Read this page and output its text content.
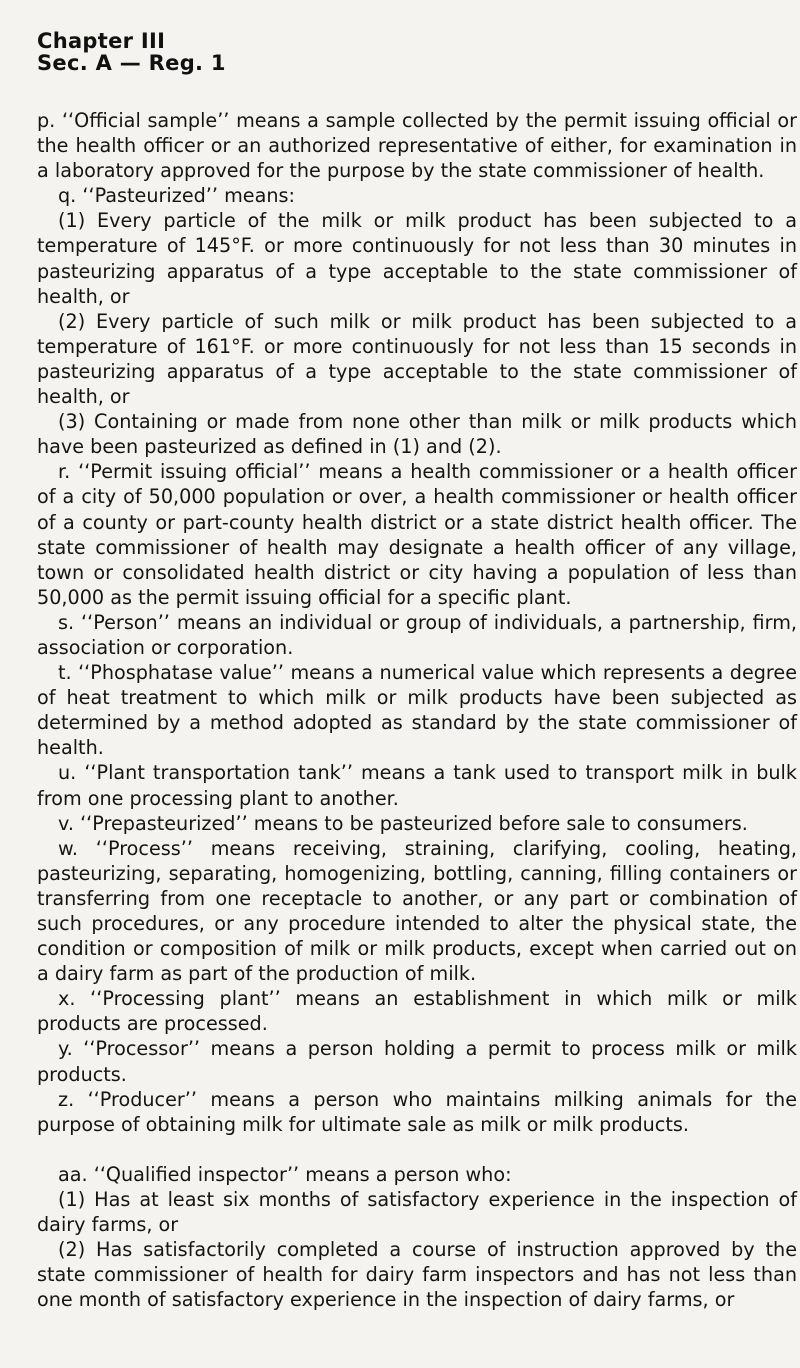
Chapter III
Sec. A — Reg. 1

p. ‘‘Official sample’’ means a sample collected by the permit issuing official or the health officer or an authorized representative of either, for examination in a laboratory approved for the purpose by the state commissioner of health.

q. ‘‘Pasteurized’’ means:

(1) Every particle of the milk or milk product has been subjected to a temperature of 145°F. or more continuously for not less than 30 minutes in pasteurizing apparatus of a type acceptable to the state commissioner of health, or

(2) Every particle of such milk or milk product has been subjected to a temperature of 161°F. or more continuously for not less than 15 seconds in pasteurizing apparatus of a type acceptable to the state commissioner of health, or

(3) Containing or made from none other than milk or milk products which have been pasteurized as defined in (1) and (2).

r. ‘‘Permit issuing official’’ means a health commissioner or a health officer of a city of 50,000 population or over, a health commissioner or health officer of a county or part-county health district or a state district health officer. The state commissioner of health may designate a health officer of any village, town or consolidated health district or city having a population of less than 50,000 as the permit issuing official for a specific plant.

s. ‘‘Person’’ means an individual or group of individuals, a partnership, firm, association or corporation.

t. ‘‘Phosphatase value’’ means a numerical value which represents a degree of heat treatment to which milk or milk products have been subjected as determined by a method adopted as standard by the state commissioner of health.

u. ‘‘Plant transportation tank’’ means a tank used to transport milk in bulk from one processing plant to another.

v. ‘‘Prepasteurized’’ means to be pasteurized before sale to consumers.

w. ‘‘Process’’ means receiving, straining, clarifying, cooling, heating, pasteurizing, separating, homogenizing, bottling, canning, filling containers or transferring from one receptacle to another, or any part or combination of such procedures, or any procedure intended to alter the physical state, the condition or composition of milk or milk products, except when carried out on a dairy farm as part of the production of milk.

x. ‘‘Processing plant’’ means an establishment in which milk or milk products are processed.

y. ‘‘Processor’’ means a person holding a permit to process milk or milk products.

z. ‘‘Producer’’ means a person who maintains milking animals for the purpose of obtaining milk for ultimate sale as milk or milk products.

aa. ‘‘Qualified inspector’’ means a person who:

(1) Has at least six months of satisfactory experience in the inspection of dairy farms, or

(2) Has satisfactorily completed a course of instruction approved by the state commissioner of health for dairy farm inspectors and has not less than one month of satisfactory experience in the inspection of dairy farms, or
